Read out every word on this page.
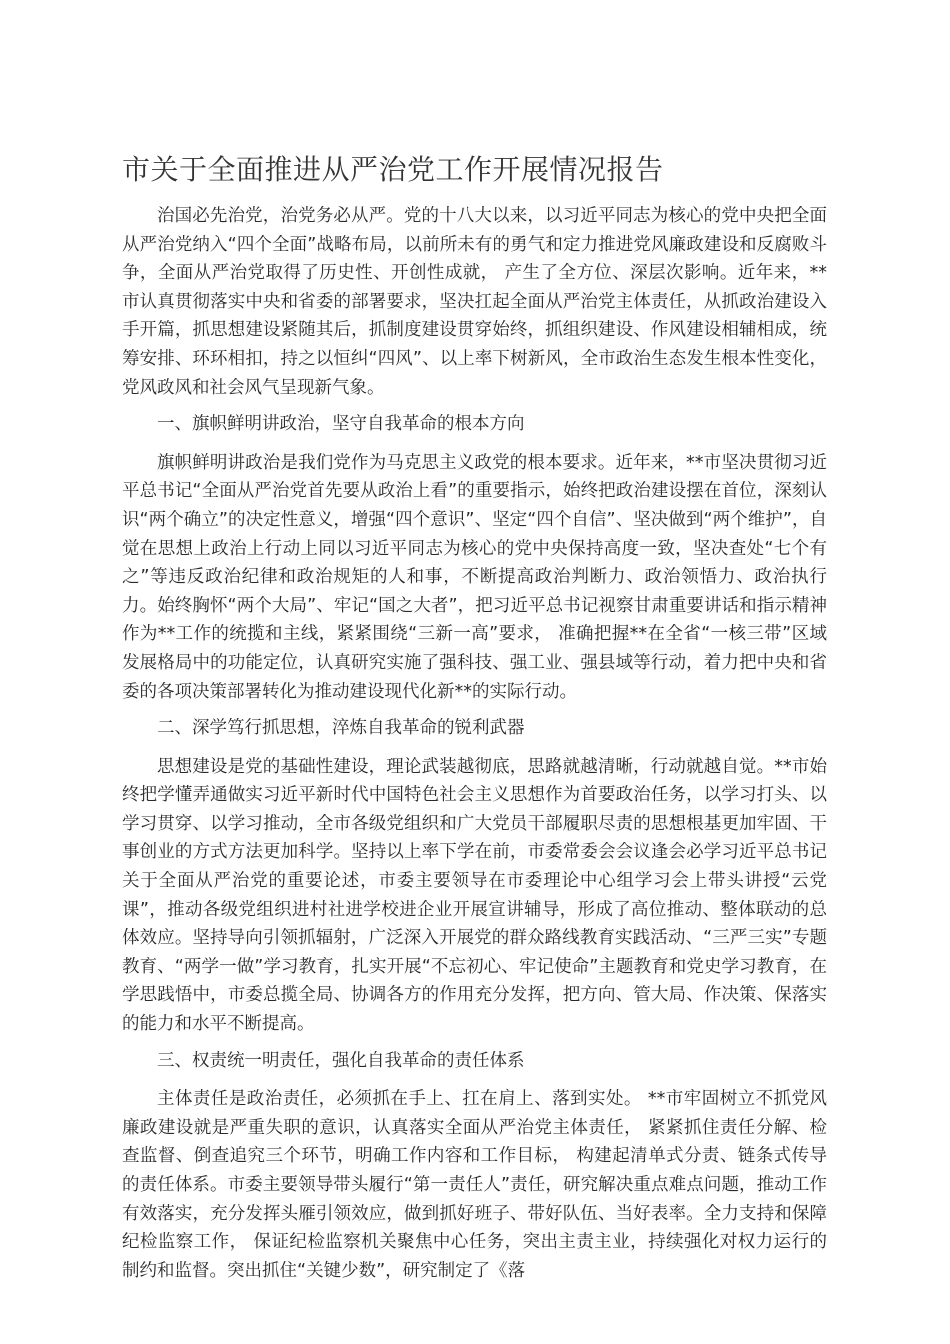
市关于全面推进从严治党工作开展情况报告

治国必先治党，治党务必从严。党的十八大以来，以习近平同志为核心的党中央把全面从严治党纳入“四个全面”战略布局，以前所未有的勇气和定力推进党风廉政建设和反腐败斗争，全面从严治党取得了历史性、开创性成就， 产生了全方位、深层次影响。近年来，**市认真贯彻落实中央和省委的部署要求，坚决扛起全面从严治党主体责任，从抓政治建设入手开篇，抓思想建设紧随其后，抓制度建设贯穿始终，抓组织建设、作风建设相辅相成，统筹安排、环环相扣，持之以恒纠“四风”、以上率下树新风，全市政治生态发生根本性变化，党风政风和社会风气呈现新气象。

一、旗帜鲜明讲政治，坚守自我革命的根本方向

旗帜鲜明讲政治是我们党作为马克思主义政党的根本要求。近年来，**市坚决贯彻习近平总书记“全面从严治党首先要从政治上看”的重要指示，始终把政治建设摆在首位，深刻认识“两个确立”的决定性意义，增强“四个意识”、坚定“四个自信”、坚决做到“两个维护”，自觉在思想上政治上行动上同以习近平同志为核心的党中央保持高度一致，坚决查处“七个有之”等违反政治纪律和政治规矩的人和事，不断提高政治判断力、政治领悟力、政治执行力。始终胸怀“两个大局”、牢记“国之大者”，把习近平总书记视察甘肃重要讲话和指示精神作为**工作的统揽和主线，紧紧围绕“三新一高”要求， 准确把握**在全省“一核三带”区域发展格局中的功能定位，认真研究实施了强科技、强工业、强县域等行动，着力把中央和省委的各项决策部署转化为推动建设现代化新**的实际行动。

二、深学笃行抓思想，淬炼自我革命的锐利武器

思想建设是党的基础性建设，理论武装越彻底，思路就越清晰，行动就越自觉。**市始终把学懂弄通做实习近平新时代中国特色社会主义思想作为首要政治任务，以学习打头、以学习贯穿、以学习推动，全市各级党组织和广大党员干部履职尽责的思想根基更加牢固、干事创业的方式方法更加科学。坚持以上率下学在前，市委常委会会议逢会必学习近平总书记关于全面从严治党的重要论述，市委主要领导在市委理论中心组学习会上带头讲授“云党课”，推动各级党组织进村社进学校进企业开展宣讲辅导，形成了高位推动、整体联动的总体效应。坚持导向引领抓辐射，广泛深入开展党的群众路线教育实践活动、“三严三实”专题教育、“两学一做”学习教育，扎实开展“不忘初心、牢记使命”主题教育和党史学习教育，在学思践悟中，市委总揽全局、协调各方的作用充分发挥，把方向、管大局、作决策、保落实的能力和水平不断提高。

三、权责统一明责任，强化自我革命的责任体系

主体责任是政治责任，必须抓在手上、扛在肩上、落到实处。 **市牢固树立不抓党风廉政建设就是严重失职的意识，认真落实全面从严治党主体责任， 紧紧抓住责任分解、检查监督、倒查追究三个环节，明确工作内容和工作目标， 构建起清单式分责、链条式传导的责任体系。市委主要领导带头履行“第一责任人”责任，研究解决重点难点问题，推动工作有效落实，充分发挥头雁引领效应，做到抓好班子、带好队伍、当好表率。全力支持和保障纪检监察工作， 保证纪检监察机关聚焦中心任务，突出主责主业，持续强化对权力运行的制约和监督。突出抓住“关键少数”，研究制定了《落
